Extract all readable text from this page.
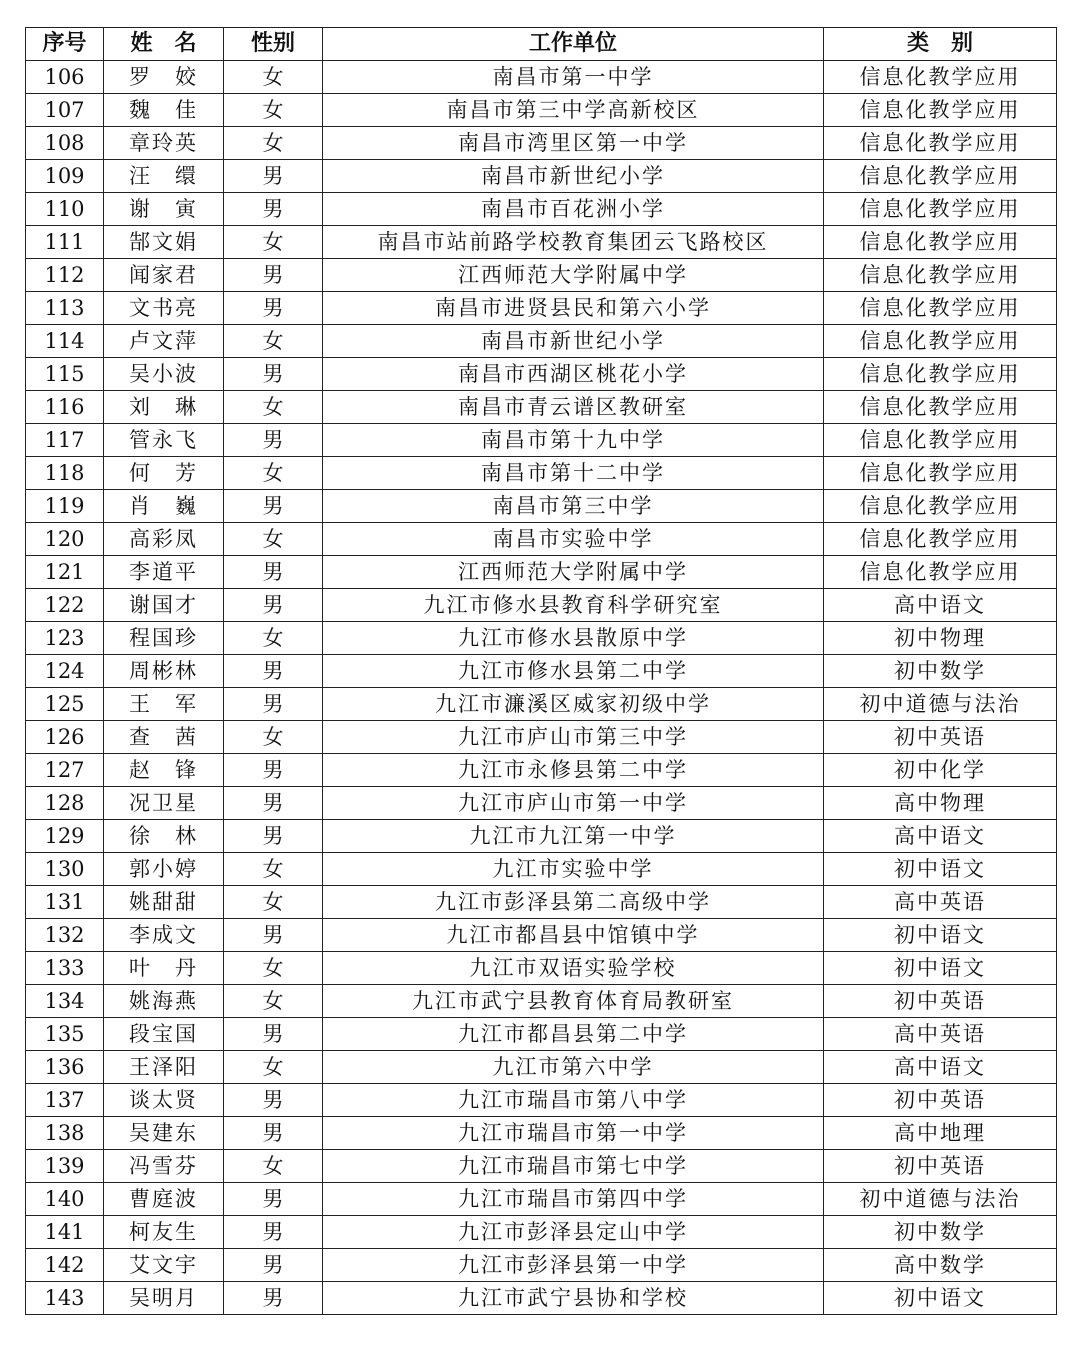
序号	姓　名	性别	工作单位	类　别
106	罗　姣	女	南昌市第一中学	信息化教学应用
107	魏　佳	女	南昌市第三中学高新校区	信息化教学应用
108	章玲英	女	南昌市湾里区第一中学	信息化教学应用
109	汪　缳	男	南昌市新世纪小学	信息化教学应用
110	谢　寅	男	南昌市百花洲小学	信息化教学应用
111	郜文娟	女	南昌市站前路学校教育集团云飞路校区	信息化教学应用
112	闻家君	男	江西师范大学附属中学	信息化教学应用
113	文书亮	男	南昌市进贤县民和第六小学	信息化教学应用
114	卢文萍	女	南昌市新世纪小学	信息化教学应用
115	吴小波	男	南昌市西湖区桃花小学	信息化教学应用
116	刘　琳	女	南昌市青云谱区教研室	信息化教学应用
117	管永飞	男	南昌市第十九中学	信息化教学应用
118	何　芳	女	南昌市第十二中学	信息化教学应用
119	肖　巍	男	南昌市第三中学	信息化教学应用
120	高彩凤	女	南昌市实验中学	信息化教学应用
121	李道平	男	江西师范大学附属中学	信息化教学应用
122	谢国才	男	九江市修水县教育科学研究室	高中语文
123	程国珍	女	九江市修水县散原中学	初中物理
124	周彬林	男	九江市修水县第二中学	初中数学
125	王　军	男	九江市濂溪区威家初级中学	初中道德与法治
126	查　茜	女	九江市庐山市第三中学	初中英语
127	赵　锋	男	九江市永修县第二中学	初中化学
128	况卫星	男	九江市庐山市第一中学	高中物理
129	徐　林	男	九江市九江第一中学	高中语文
130	郭小婷	女	九江市实验中学	初中语文
131	姚甜甜	女	九江市彭泽县第二高级中学	高中英语
132	李成文	男	九江市都昌县中馆镇中学	初中语文
133	叶　丹	女	九江市双语实验学校	初中语文
134	姚海燕	女	九江市武宁县教育体育局教研室	初中英语
135	段宝国	男	九江市都昌县第二中学	高中英语
136	王泽阳	女	九江市第六中学	高中语文
137	谈太贤	男	九江市瑞昌市第八中学	初中英语
138	吴建东	男	九江市瑞昌市第一中学	高中地理
139	冯雪芬	女	九江市瑞昌市第七中学	初中英语
140	曹庭波	男	九江市瑞昌市第四中学	初中道德与法治
141	柯友生	男	九江市彭泽县定山中学	初中数学
142	艾文宇	男	九江市彭泽县第一中学	高中数学
143	吴明月	男	九江市武宁县协和学校	初中语文
